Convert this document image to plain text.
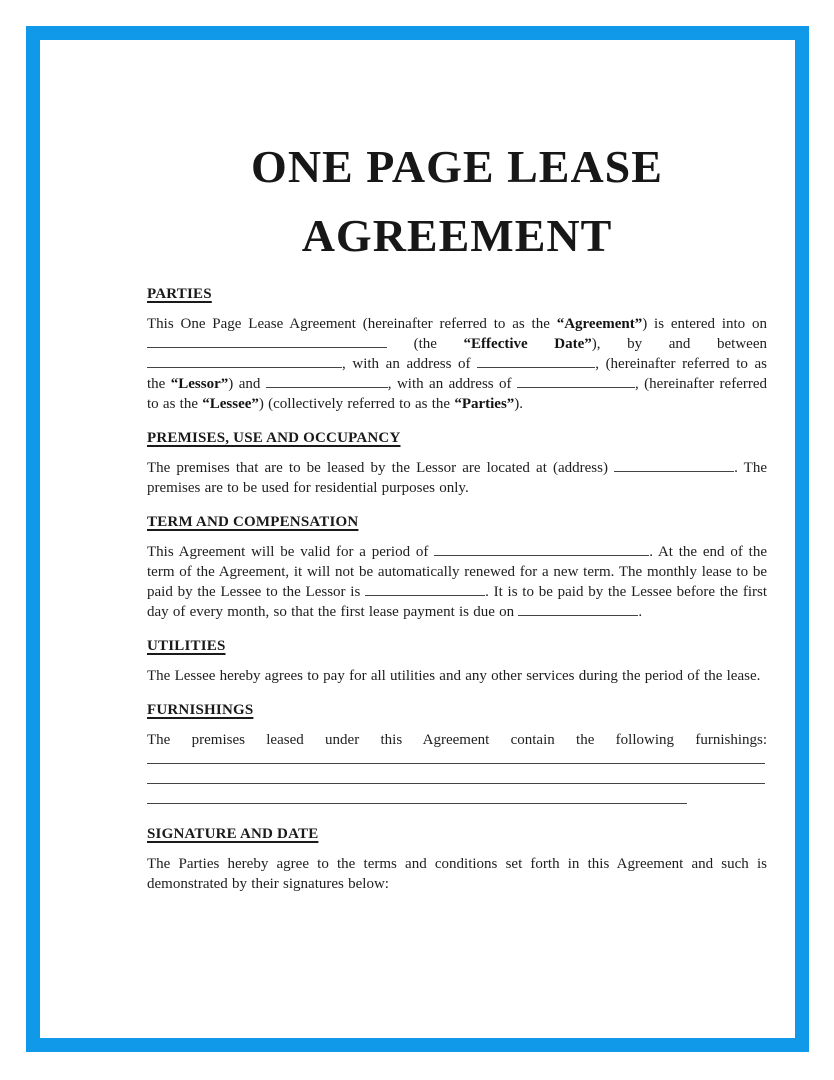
ONE PAGE LEASE
AGREEMENT
PARTIES

This One Page Lease Agreement (hereinafter referred to as the “Agreement”) is entered into on  (the “Effective Date”), by and between , with an address of	, (hereinafter referred to as the “Lessor”) and	, with an address of	, (hereinafter referred to as the “Lessee”) (collectively referred to as the “Parties”).

PREMISES, USE AND OCCUPANCY

The premises that are to be leased by the Lessor are located at (address)	. The premises are to be used for residential purposes only.

TERM AND COMPENSATION

This Agreement will be valid for a period of	. At the end of the term of the Agreement, it will not be automatically renewed for a new term. The monthly lease to be paid by the Lessee to the Lessor is	. It is to be paid by the Lessee before the first day of every month, so that the first lease payment is due on	.

UTILITIES

The Lessee hereby agrees to pay for all utilities and any other services during the period of the lease.

FURNISHINGS

The premises leased under this Agreement contain the following furnishings:

SIGNATURE AND DATE

The Parties hereby agree to the terms and conditions set forth in this Agreement and such is demonstrated by their signatures below:
